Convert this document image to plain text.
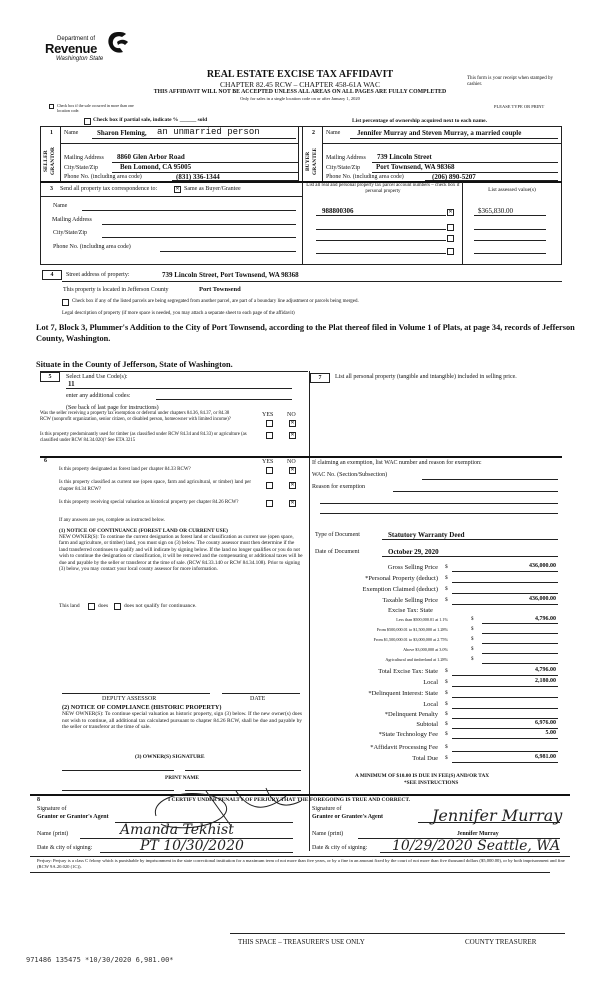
Department of
Revenue
Washington State
REAL ESTATE EXCISE TAX AFFIDAVIT
CHAPTER 82.45 RCW – CHAPTER 458-61A WAC
THIS AFFIDAVIT WILL NOT BE ACCEPTED UNLESS ALL AREAS ON ALL PAGES ARE FULLY COMPLETED
Only for sales in a single location code on or after January 1, 2020
This form is your receipt when stamped by cashier.
PLEASE TYPE OR PRINT
Check box if the sale occurred in more than one location code.
Check box if partial sale, indicate % ______ sold	List percentage of ownership acquired next to each name.
1
SELLER GRANTOR
Name	Sharon Fleming, an unmarried person
Mailing Address 8860 Glen Arbor Road
City/State/Zip	Ben Lomond, CA 95005
Phone No. (including area code)	(831) 336-1344
2
BUYER GRANTEE
Name Jennifer Murray and Steven Murray, a married couple
Mailing Address 739 Lincoln Street
City/State/Zip Port Townsend, WA 98368
Phone No. (including area code)	(206) 890-5207
3 Send all property tax correspondence to: ✕	Same as Buyer/Grantee
Name
Mailing Address
City/State/Zip
Phone No. (including area code)
List all real and personal property tax parcel account numbers – check box if personal property	List assessed value(s)
988800306 ✕	$365,830.00
4	Street address of property:	739 Lincoln Street, Port Townsend, WA 98368
This property is located in Jefferson County	Port Townsend
Check box if any of the listed parcels are being segregated from another parcel, are part of a boundary line adjustment or parcels being merged.
Legal description of property (if more space is needed, you may attach a separate sheet to each page of the affidavit)
Lot 7, Block 3, Plummer's Addition to the City of Port Townsend, according to the Plat thereof filed in Volume 1 of Plats, at page 34, records of Jefferson County, Washington.
Situate in the County of Jefferson, State of Washington.
5	Select Land Use Code(s):
11
enter any additional codes:
(See back of last page for instructions)
YES NO
Was the seller receiving a property tax exemption or deferral under chapters 84.36, 84.37, or 84.38 RCW (nonprofit organization, senior citizen, or disabled person, homeowner with limited income)?
✕
Is this property predominantly used for timber (as classified under RCW 84.34 and 84.33) or agriculture (as classified under RCW 84.34.020)? See ETA 3215
✕
6	YES NO
Is this property designated as forest land per chapter 84.33 RCW?
✕
Is this property classified as current use (open space, farm and agricultural, or timber) land per chapter 84.34 RCW?
✕
Is this property receiving special valuation as historical property per chapter 84.26 RCW?
✕
If any answers are yes, complete as instructed below.
(1) NOTICE OF CONTINUANCE (FOREST LAND OR CURRENT USE)
NEW OWNER(S): To continue the current designation as forest land or classification as current use (open space, farm and agriculture, or timber) land, you must sign on (3) below. The county assessor must then determine if the land transferred continues to qualify and will indicate by signing below. If the land no longer qualifies or you do not wish to continue the designation or classification, it will be removed and the compensating or additional taxes will be due and payable by the seller or transferor at the time of sale. (RCW 84.33.140 or RCW 84.34.108). Prior to signing (3) below, you may contact your local county assessor for more information.
This land	does	does not qualify for continuance.
DEPUTY ASSESSOR	DATE
(2) NOTICE OF COMPLIANCE (HISTORIC PROPERTY)
NEW OWNER(S): To continue special valuation as historic property, sign (3) below. If the new owner(s) does not wish to continue, all additional tax calculated pursuant to chapter 84.26 RCW, shall be due and payable by the seller or transferor at the time of sale.
(3) OWNER(S) SIGNATURE
PRINT NAME
7	List all personal property (tangible and intangible) included in selling price.
If claiming an exemption, list WAC number and reason for exemption:
WAC No. (Section/Subsection)
Reason for exemption
Type of Document	Statutory Warranty Deed
Date of Document	October 29, 2020
Gross Selling Price $	436,000.00
*Personal Property (deduct) $
Exemption Claimed (deduct) $
Taxable Selling Price $	436,000.00
Excise Tax: State
Less than $500,000.01 at 1.1%	$	4,796.00
From $500,000.01 to $1,500,000 at 1.28%	$
From $1,500,000.01 to $3,000,000 at 2.75%	$
Above $3,000,000 at 3.0%	$
Agricultural and timberland at 1.28%	$
Total Excise Tax: State $	4,796.00
Local $	2,180.00
*Delinquent Interest: State $
Local $
*Delinquent Penalty $
Subtotal $	6,976.00
*State Technology Fee $	5.00
*Affidavit Processing Fee $
Total Due $	6,981.00
A MINIMUM OF $10.00 IS DUE IN FEE(S) AND/OR TAX
*SEE INSTRUCTIONS
8	I CERTIFY UNDER PENALTY OF PERJURY THAT THE FOREGOING IS TRUE AND CORRECT.
Signature of
Grantor or Grantor's Agent
Name (print)	Amanda Tekhist
Date & city of signing:	PT 10/30/2020
Signature of
Grantee or Grantee's Agent	Jennifer Murray
Name (print)	Jennifer Murray
Date & city of signing: 10/29/2020 Seattle, WA
Perjury: Perjury is a class C felony which is punishable by imprisonment in the state correctional institution for a maximum term of not more than five years, or by a fine in an amount fixed by the court of not more than five thousand dollars ($5,000.00), or by both imprisonment and fine (RCW 9A.20.020 (1C)).
THIS SPACE – TREASURER'S USE ONLY	COUNTY TREASURER
971486 135475 *10/30/2020 6,981.00*
